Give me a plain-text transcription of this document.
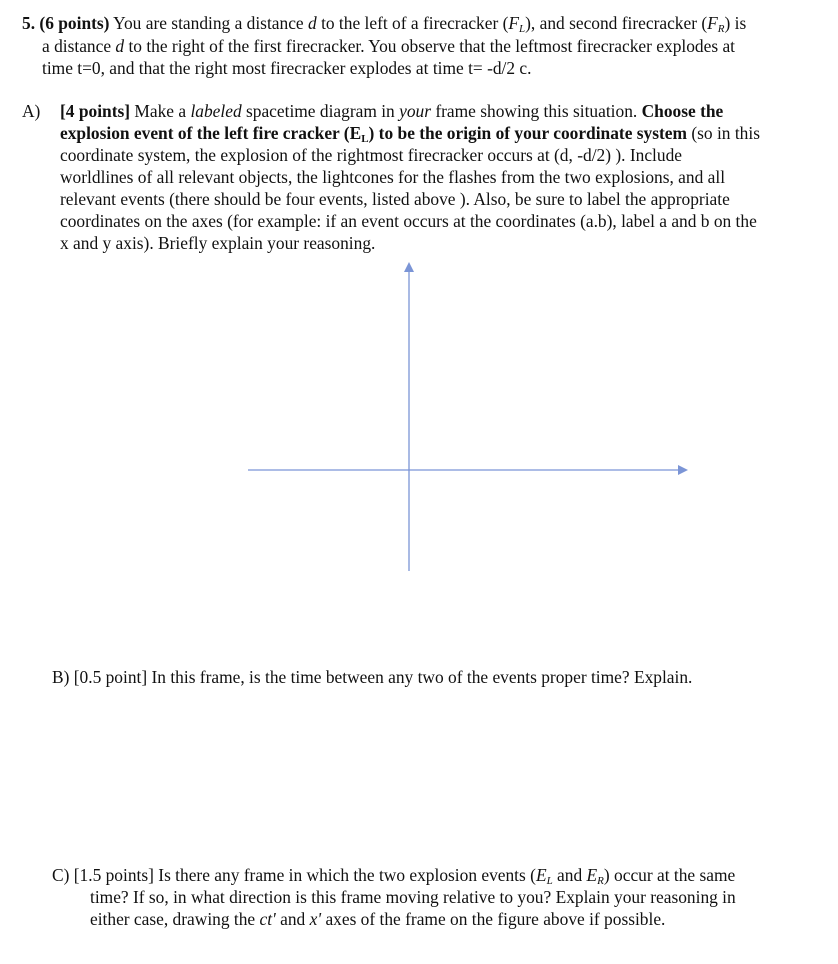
5. (6 points) You are standing a distance d to the left of a firecracker $(F_L)$, and second firecracker $(F_R)$ is
a distance d to the right of the first firecracker. You observe that the leftmost firecracker explodes at
time t=0, and that the right most firecracker explodes at time t= -d/2 c.
A) [4 points] Make a labeled spacetime diagram in your frame showing this situation. Choose the
explosion event of the left fire cracker $(E_L)$ to be the origin of your coordinate system (so in this
coordinate system, the explosion of the rightmost firecracker occurs at (d, -d/2) ). Include
worldlines of all relevant objects, the lightcones for the flashes from the two explosions, and all
relevant events (there should be four events, listed above ). Also, be sure to label the appropriate
coordinates on the axes (for example: if an event occurs at the coordinates (a.b), label a and b on the
x and y axis). Briefly explain your reasoning.
B) [0.5 point] In this frame, is the time between any two of the events proper time? Explain.
C) [1.5 points] Is there any frame in which the two explosion events ($E_L$ and $E_R$) occur at the same
time? If so, in what direction is this frame moving relative to you? Explain your reasoning in
either case, drawing the ct' and x' axes of the frame on the figure above if possible.
